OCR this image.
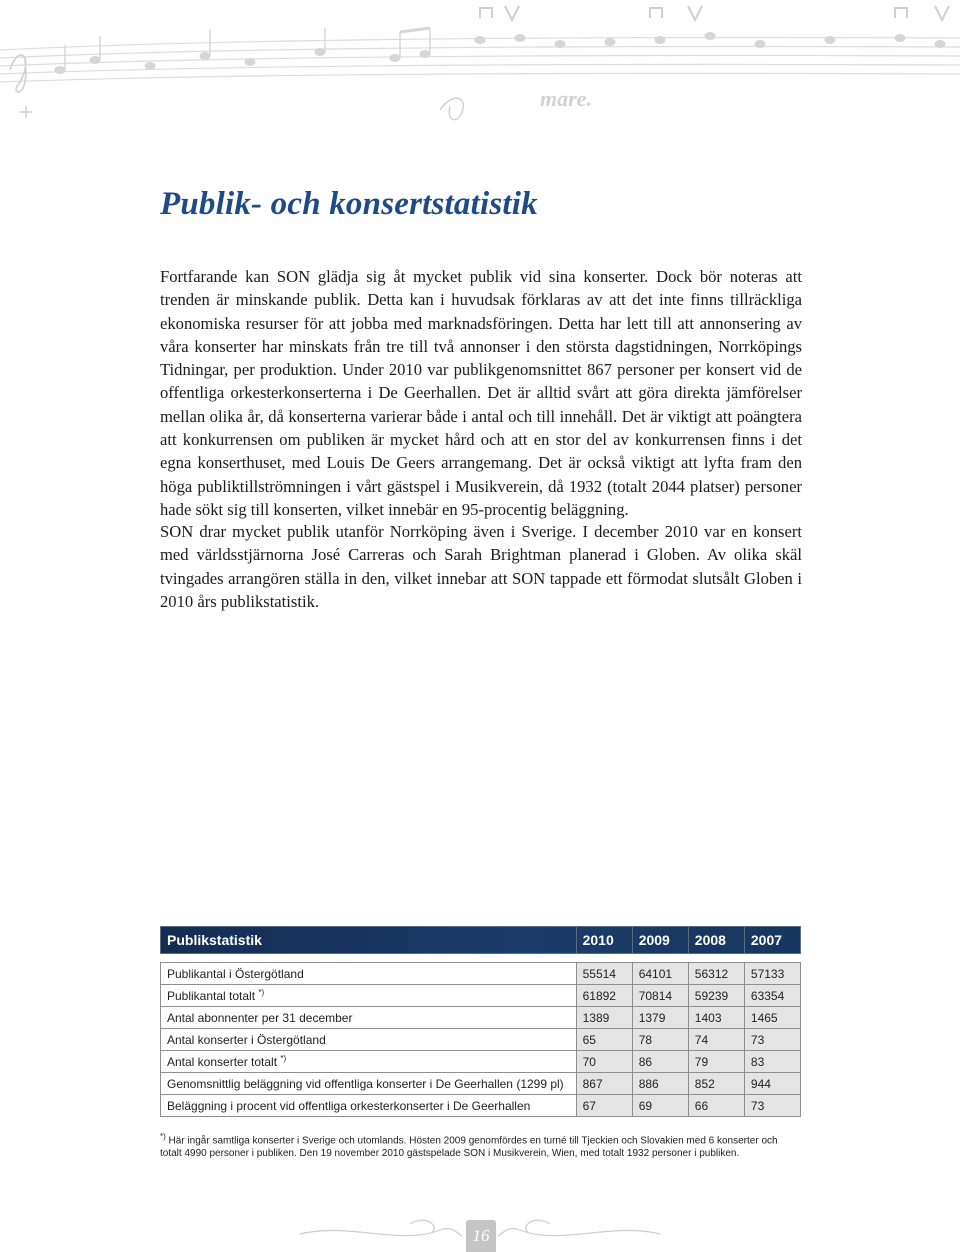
mare.
Publik- och konsertstatistik

Fortfarande kan SON glädja sig åt mycket publik vid sina konserter. Dock bör noteras att trenden är minskande publik. Detta kan i huvudsak förklaras av att det inte finns tillräckliga ekonomiska resurser för att jobba med marknadsföringen. Detta har lett till att annonsering av våra konserter har minskats från tre till två annonser i den största dagstidningen, Norrköpings Tidningar, per produktion. Under 2010 var publikgenomsnittet 867 personer per konsert vid de offentliga orkesterkonserterna i De Geerhallen. Det är alltid svårt att göra direkta jämförelser mellan olika år, då konserterna varierar både i antal och till innehåll. Det är viktigt att poängtera att konkurrensen om publiken är mycket hård och att en stor del av konkurrensen finns i det egna konserthuset, med Louis De Geers arrangemang. Det är också viktigt att lyfta fram den höga publiktillströmningen i vårt gästspel i Musikverein, då 1932 (totalt 2044 platser) personer hade sökt sig till konserten, vilket innebär en 95-procentig beläggning.

SON drar mycket publik utanför Norrköping även i Sverige. I december 2010 var en konsert med världsstjärnorna José Carreras och Sarah Brightman planerad i Globen. Av olika skäl tvingades arrangören ställa in den, vilket innebar att SON tappade ett förmodat slutsålt Globen i 2010 års publikstatistik.

Publikstatistik	2010	2009	2008	2007

Publikantal i Östergötland	55514	64101	56312	57133
Publikantal totalt *)	61892	70814	59239	63354
Antal abonnenter per 31 december	1389	1379	1403	1465
Antal konserter i Östergötland	65	78	74	73
Antal konserter totalt *)	70	86	79	83
Genomsnittlig beläggning vid offentliga konserter i De Geerhallen (1299 pl)	867	886	852	944
Beläggning i procent vid offentliga orkesterkonserter i De Geerhallen	67	69	66	73

*) Här ingår samtliga konserter i Sverige och utomlands. Hösten 2009 genomfördes en turné till Tjeckien och Slovakien med 6 konserter och totalt 4990 personer i publiken. Den 19 november 2010 gästspelade SON i Musikverein, Wien, med totalt 1932 personer i publiken.

16
